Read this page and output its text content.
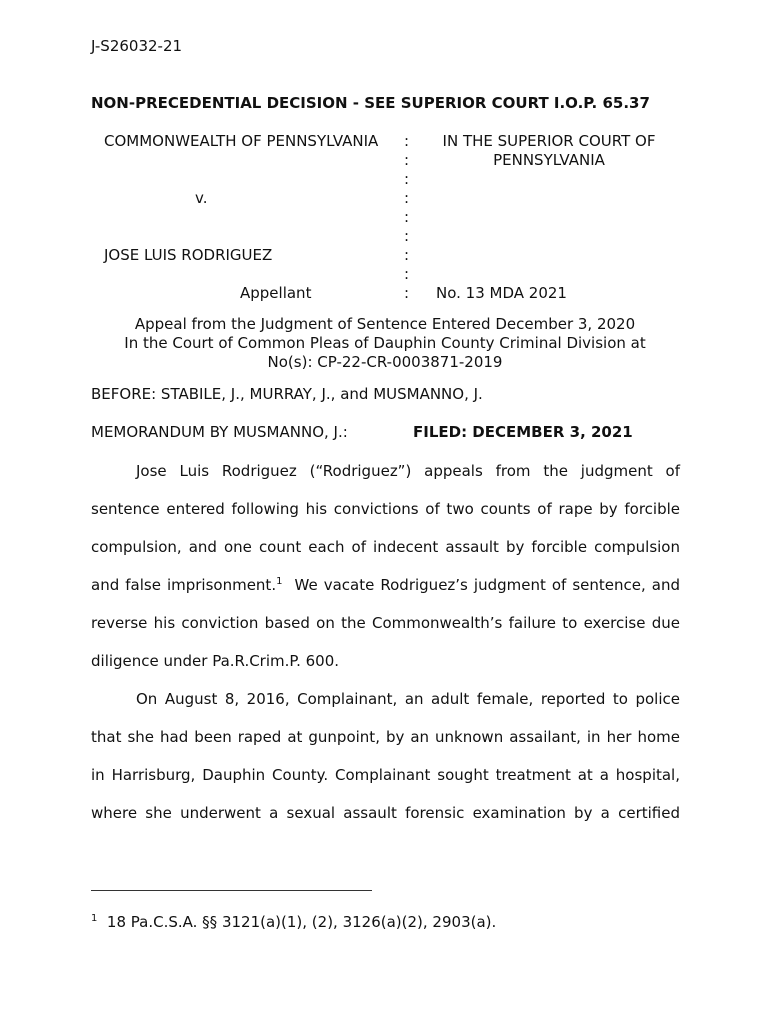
J-S26032-21
NON-PRECEDENTIAL DECISION - SEE SUPERIOR COURT I.O.P. 65.37
COMMONWEALTH OF PENNSYLVANIA
v.
JOSE LUIS RODRIGUEZ
Appellant
:
:
:
:
:
:
:
:
:
IN THE SUPERIOR COURT OF
PENNSYLVANIA
No. 13 MDA 2021
Appeal from the Judgment of Sentence Entered December 3, 2020
In the Court of Common Pleas of Dauphin County Criminal Division at
No(s): CP-22-CR-0003871-2019
BEFORE: STABILE, J., MURRAY, J., and MUSMANNO, J.
MEMORANDUM BY MUSMANNO, J.:	FILED: DECEMBER 3, 2021
Jose Luis Rodriguez (“Rodriguez”) appeals from the judgment of
sentence entered following his convictions of two counts of rape by forcible
compulsion, and one count each of indecent assault by forcible compulsion
and false imprisonment.$^1$ We vacate Rodriguez’s judgment of sentence, and
reverse his conviction based on the Commonwealth’s failure to exercise due
diligence under Pa.R.Crim.P. 600.
On August 8, 2016, Complainant, an adult female, reported to police
that she had been raped at gunpoint, by an unknown assailant, in her home
in Harrisburg, Dauphin County. Complainant sought treatment at a hospital,
where she underwent a sexual assault forensic examination by a certified
$^1$ 18 Pa.C.S.A. §§ 3121(a)(1), (2), 3126(a)(2), 2903(a).
